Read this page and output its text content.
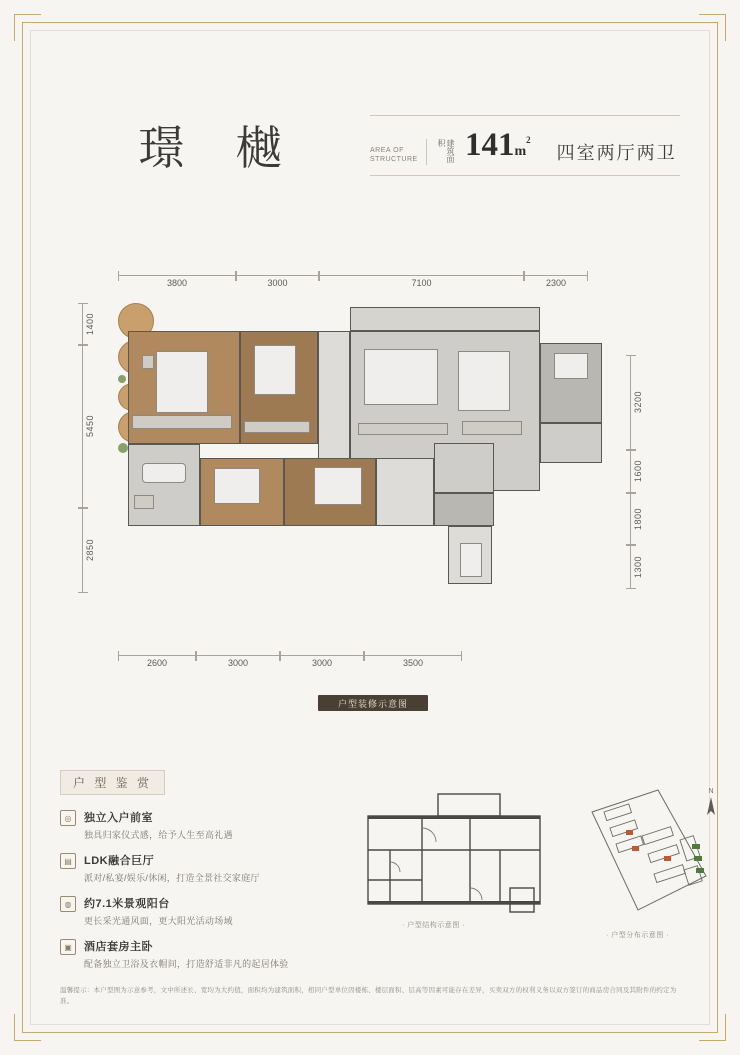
璟 樾	AREA OF STRUCTURE	建筑面积 $141m^2$
四室两厅两卫
3800	3000	7100	2300
1400
5450
2850
3200
1600
1800
1300
2600	3000	3000	3500
户型装修示意图
户 型 鉴 赏
◎	独立入户前室
独具归家仪式感，给予人生至高礼遇
▤	LDK融合巨厅
派对/私宴/娱乐/休闲，打造全景社交家庭厅
◍	约7.1米景观阳台
更长采光通风面，更大阳光活动场域
▣	酒店套房主卧
配备独立卫浴及衣帽间，打造舒适非凡的起居体验
· 户型结构示意图 ·
N
· 户型分布示意图 ·
温馨提示：本户型图为示意参考，文中所述长、宽均为大约值，面积均为建筑面积，相同户型单位因楼栋、楼层面积、层高等因素可能存在差异，买卖双方的权利义务以双方签订的商品房合同及其附件的约定为准。
